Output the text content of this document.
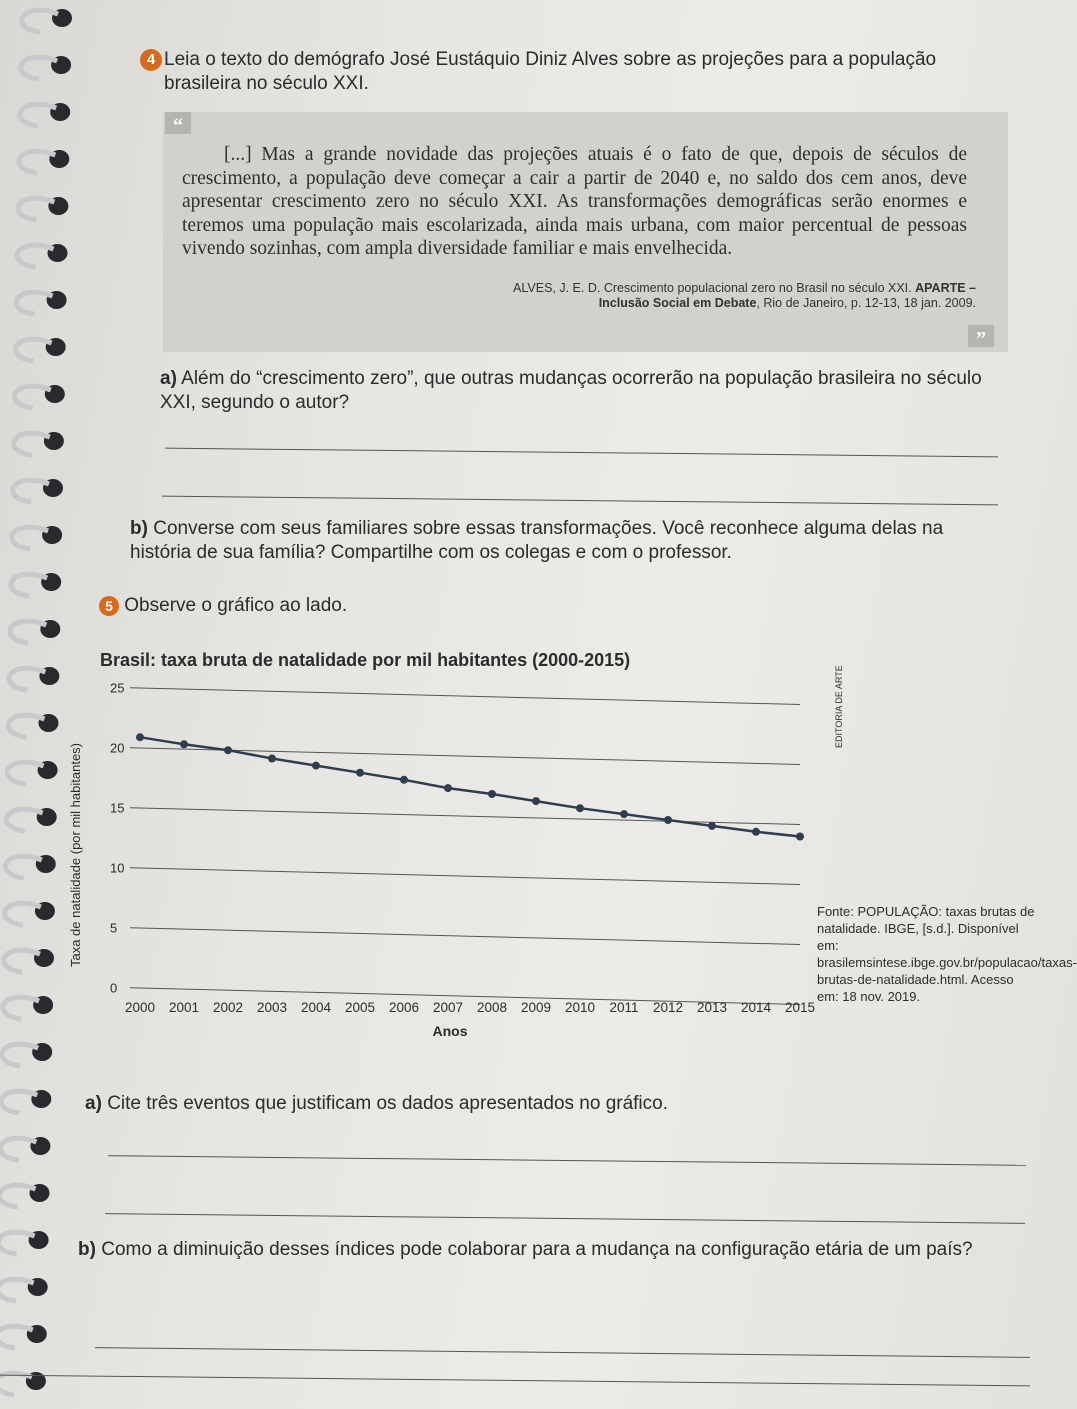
4 Leia o texto do demógrafo José Eustáquio Diniz Alves sobre as projeções para a população brasileira no século XXI.
“
[...] Mas a grande novidade das projeções atuais é o fato de que, depois de séculos de crescimento, a população deve começar a cair a partir de 2040 e, no saldo dos cem anos, deve apresentar crescimento zero no século XXI. As transformações demográficas serão enormes e teremos uma população mais escolarizada, ainda mais urbana, com maior percentual de pessoas vivendo sozinhas, com ampla diversidade familiar e mais envelhecida.
ALVES, J. E. D. Crescimento populacional zero no Brasil no século XXI. APARTE –
Inclusão Social em Debate, Rio de Janeiro, p. 12-13, 18 jan. 2009.
”
a) Além do “crescimento zero”, que outras mudanças ocorrerão na população brasileira no século XXI, segundo o autor?
b) Converse com seus familiares sobre essas transformações. Você reconhece alguma delas na história de sua família? Compartilhe com os colegas e com o professor.
5 Observe o gráfico ao lado.
Brasil: taxa bruta de natalidade por mil habitantes (2000-2015)
0
5
10
15
20
25
2000 2001 2002 2003 2004 2005 2006 2007 2008 2009 2010 2011 2012 2013 2014 2015
Anos
Taxa de natalidade (por mil habitantes)
EDITORIA DE ARTE
Fonte: POPULAÇÃO: taxas brutas de natalidade. IBGE, [s.d.]. Disponível em: brasilemsintese.ibge.gov.br/populacao/taxas-brutas-de-natalidade.html. Acesso em: 18 nov. 2019.
a) Cite três eventos que justificam os dados apresentados no gráfico.
b) Como a diminuição desses índices pode colaborar para a mudança na configuração etária de um país?
